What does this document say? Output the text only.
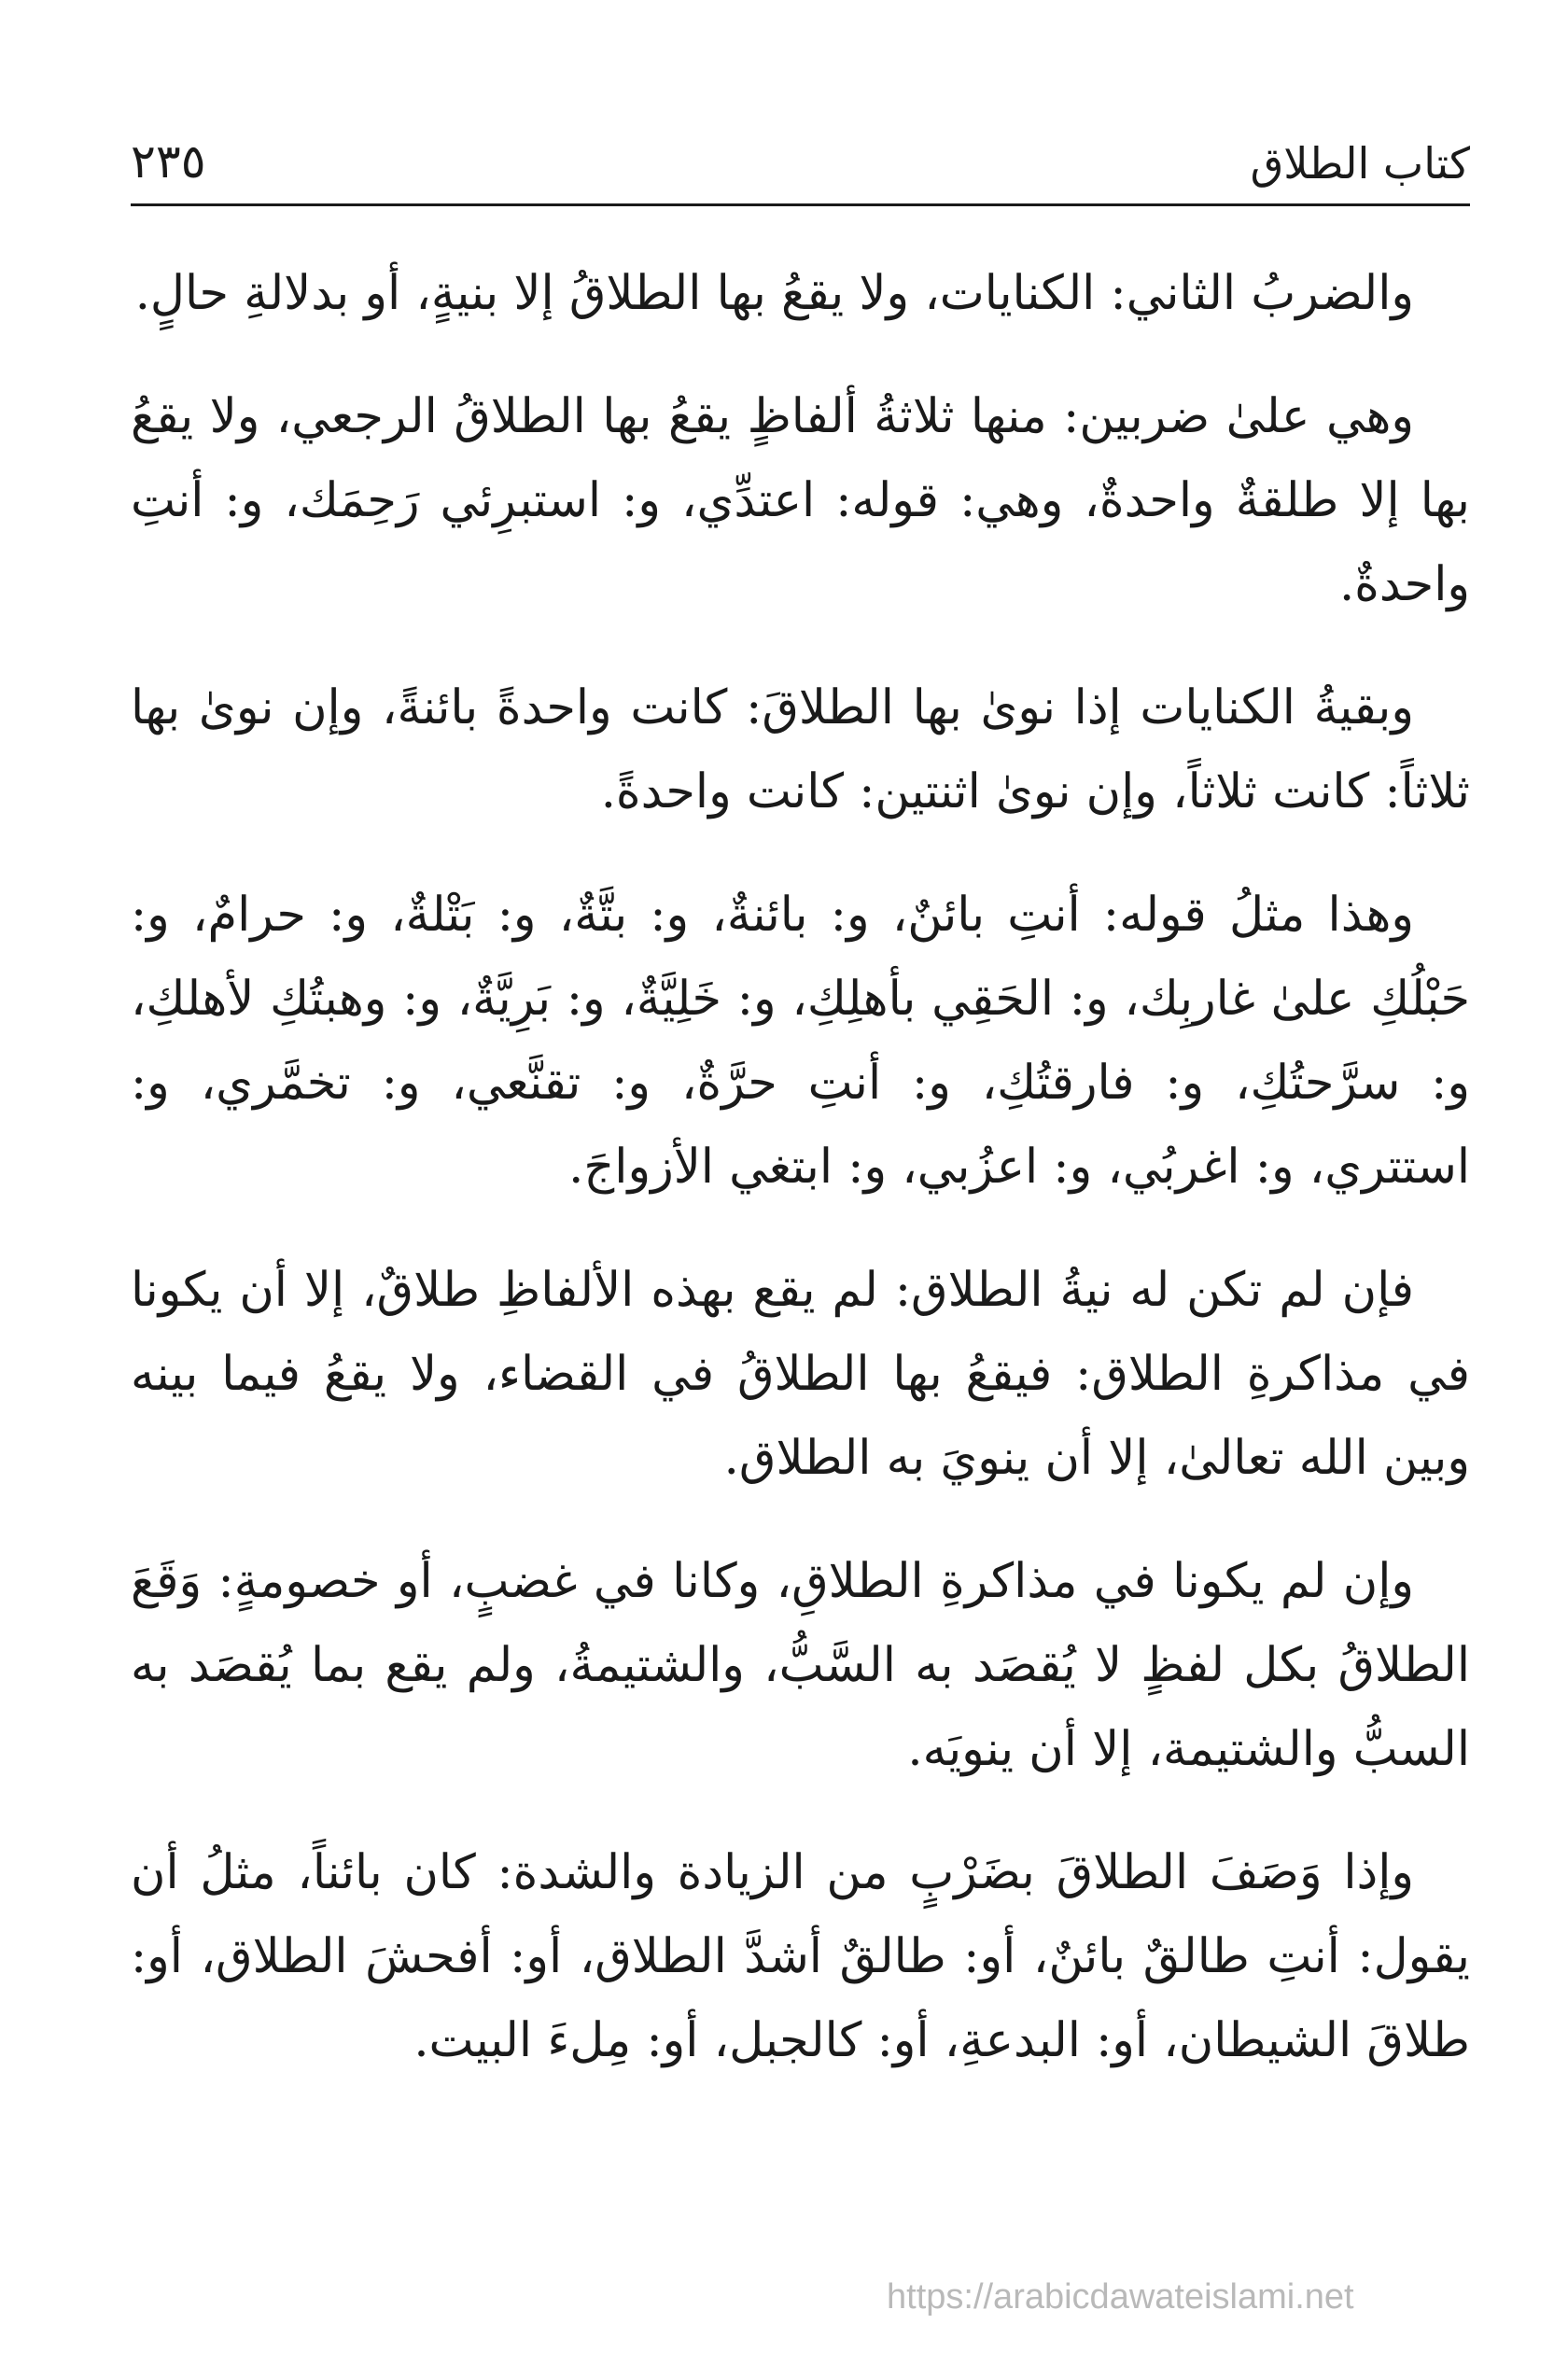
كتاب الطلاق
٢٣٥

والضربُ الثاني: الكنايات، ولا يقعُ بها الطلاقُ إلا بنيةٍ، أو بدلالةِ حالٍ.

وهي علىٰ ضربين: منها ثلاثةُ ألفاظٍ يقعُ بها الطلاقُ الرجعي، ولا يقعُ بها إلا طلقةٌ واحدةٌ، وهي: قوله: اعتدِّي، و: استبرِئي رَحِمَك، و: أنتِ واحدةٌ.

وبقيةُ الكنايات إذا نوىٰ بها الطلاقَ: كانت واحدةً بائنةً، وإن نوىٰ بها ثلاثاً: كانت ثلاثاً، وإن نوىٰ اثنتين: كانت واحدةً.

وهذا مثلُ قوله: أنتِ بائنٌ، و: بائنةٌ، و: بتَّةٌ، و: بَتْلةٌ، و: حرامٌ، و: حَبْلُكِ علىٰ غاربِك، و: الحَقِي بأهلِكِ، و: خَلِيَّةٌ، و: بَرِيَّةٌ، و: وهبتُكِ لأهلكِ، و: سرَّحتُكِ، و: فارقتُكِ، و: أنتِ حرَّةٌ، و: تقنَّعي، و: تخمَّري، و: استتري، و: اغربُي، و: اعزُبي، و: ابتغي الأزواجَ.

فإن لم تكن له نيةُ الطلاق: لم يقع بهذه الألفاظِ طلاقٌ، إلا أن يكونا في مذاكرةِ الطلاق: فيقعُ بها الطلاقُ في القضاء، ولا يقعُ فيما بينه وبين الله تعالىٰ، إلا أن ينويَ به الطلاق.

وإن لم يكونا في مذاكرةِ الطلاقِ، وكانا في غضبٍ، أو خصومةٍ: وَقَعَ الطلاقُ بكل لفظٍ لا يُقصَد به السَّبُّ، والشتيمةُ، ولم يقع بما يُقصَد به السبُّ والشتيمة، إلا أن ينويَه.

وإذا وَصَفَ الطلاقَ بضَرْبٍ من الزيادة والشدة: كان بائناً، مثلُ أن يقول: أنتِ طالقٌ بائنٌ، أو: طالقٌ أشدَّ الطلاق، أو: أفحشَ الطلاق، أو: طلاقَ الشيطان، أو: البدعةِ، أو: كالجبل، أو: مِلءَ البيت.

https://arabicdawateislami.net
